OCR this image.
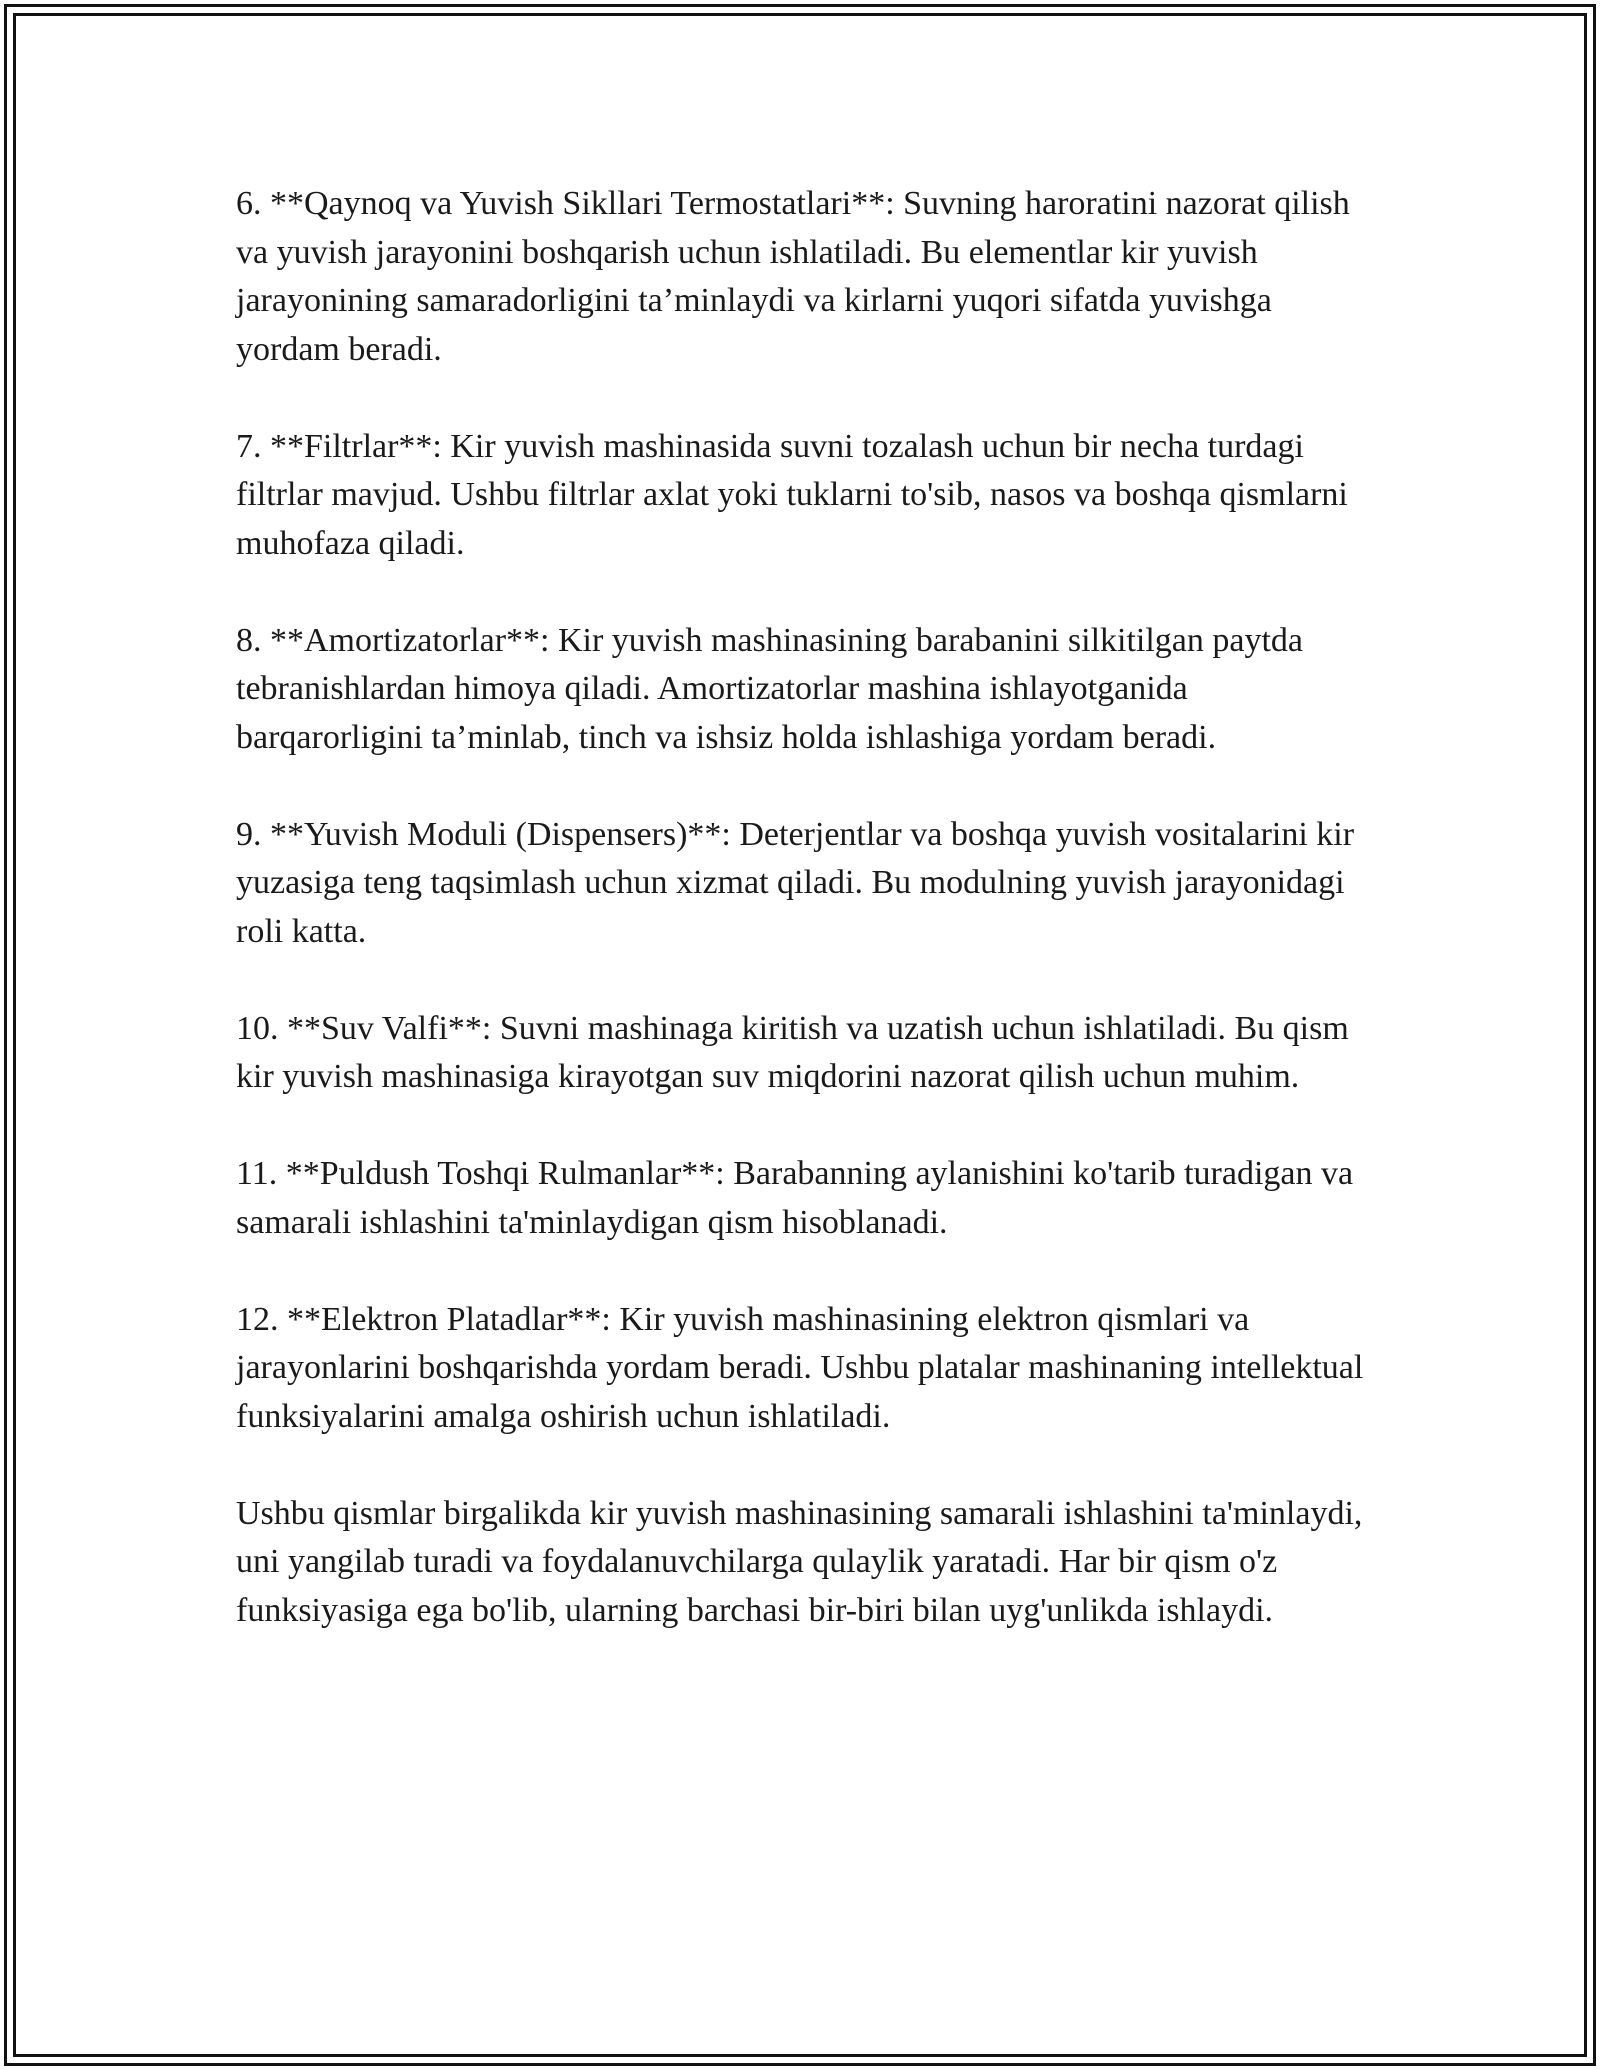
6. **Qaynoq va Yuvish Sikllari Termostatlari**: Suvning haroratini nazorat qilish va yuvish jarayonini boshqarish uchun ishlatiladi. Bu elementlar kir yuvish jarayonining samaradorligini ta’minlaydi va kirlarni yuqori sifatda yuvishga yordam beradi.

7. **Filtrlar**: Kir yuvish mashinasida suvni tozalash uchun bir necha turdagi filtrlar mavjud. Ushbu filtrlar axlat yoki tuklarni to'sib, nasos va boshqa qismlarni muhofaza qiladi.

8. **Amortizatorlar**: Kir yuvish mashinasining barabanini silkitilgan paytda tebranishlardan himoya qiladi. Amortizatorlar mashina ishlayotganida barqarorligini ta’minlab, tinch va ishsiz holda ishlashiga yordam beradi.

9. **Yuvish Moduli (Dispensers)**: Deterjentlar va boshqa yuvish vositalarini kir yuzasiga teng taqsimlash uchun xizmat qiladi. Bu modulning yuvish jarayonidagi roli katta.

10. **Suv Valfi**: Suvni mashinaga kiritish va uzatish uchun ishlatiladi. Bu qism kir yuvish mashinasiga kirayotgan suv miqdorini nazorat qilish uchun muhim.

11. **Puldush Toshqi Rulmanlar**: Barabanning aylanishini ko'tarib turadigan va samarali ishlashini ta'minlaydigan qism hisoblanadi.

12. **Elektron Platadlar**: Kir yuvish mashinasining elektron qismlari va jarayonlarini boshqarishda yordam beradi. Ushbu platalar mashinaning intellektual funksiyalarini amalga oshirish uchun ishlatiladi.

Ushbu qismlar birgalikda kir yuvish mashinasining samarali ishlashini ta'minlaydi, uni yangilab turadi va foydalanuvchilarga qulaylik yaratadi. Har bir qism o'z funksiyasiga ega bo'lib, ularning barchasi bir-biri bilan uyg'unlikda ishlaydi.
